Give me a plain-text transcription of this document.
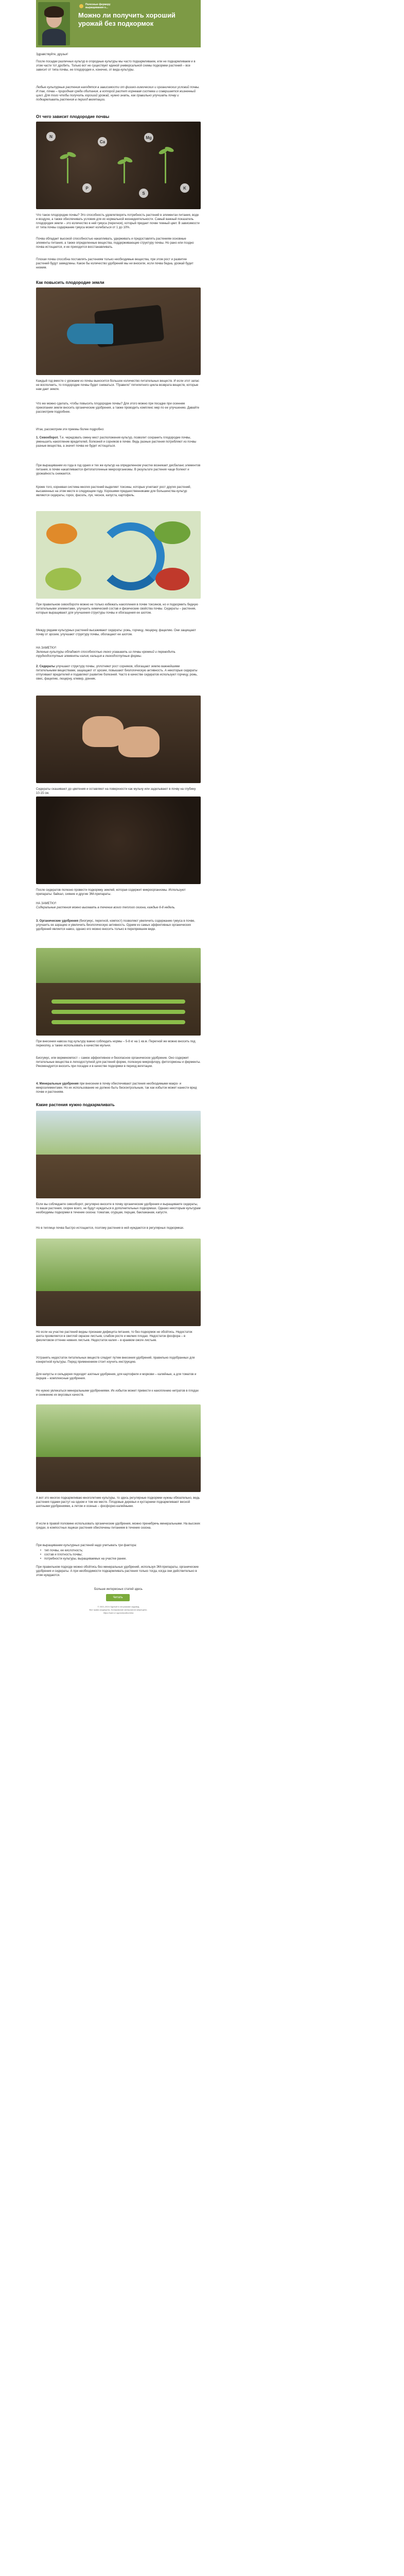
Полезные фермеру
выращивания о...
Можно ли получить хороший урожай без подкормок

Здравствуйте, друзья!

После посадки различных культур в огородные культуры мы часто подкармливаем, или не подкармливаем и в этом части тот дробить. Только вот не существует единой универсальной схемы подкормки растений – все зависит от типа почвы, ее плодородия и, конечно, от вида культуры.

Любые культурные растения находятся в зависимости от физико-химических и органических условий почвы. И так, почва – природная среда обитания, в которой растет корневая система и совершается жизненный цикл. Для того чтобы получить хороший урожай, нужно знать, как правильно улучшать почву и подкармливать растения в период вегетации.

От чего зависит плодородие почвы
N
Ca
Mg
P	K
S

Что такое плодородие почвы? Это способность удовлетворять потребность растений в элементах питания, воде и воздухе, а также обеспечивать условия для их нормальной жизнедеятельности. Самый важный показатель плодородия земли – это количество в ней гумуса (перегноя), который придает почве темный цвет. В зависимости от типа почвы содержание гумуса может колебаться от 1 до 10%.

Почва обладает высокой способностью накапливать, удерживать и предоставлять растениям основные элементы питания, а также определенные вещества, поддерживающие структуру почвы. Но рано или поздно почва истощается, и ее приходится восстанавливать.

Плохая почва способна поставлять растениям только необходимые вещества, при этом рост и развитие растений будут замедлены. Какое бы количество удобрений мы ни вносили, если почва бедна, урожай будет низким.

Как повысить плодородие земли

Каждый год вместе с урожаем из почвы выносится большое количество питательных веществ. И если этот запас не восполнить, то плодородие почвы будет снижаться. "Правило" пятилетнего цикла возврата веществ, которые нам дает земля.

Что же можно сделать, чтобы повысить плодородие почвы? Для этого можно при посадке при осеннем прекопании земли вносить органические удобрения, а также проводить комплекс мер по ее улучшению. Давайте рассмотрим подробнее.

Итак, рассмотрим эти приемы более подробно:

1. Севооборот. Т.е. чередовать смену мест расположения культур, позволит сохранить плодородие почвы, уменьшить накопление вредителей, болезней и сорняков в почве. Ведь разные растения потребляют из почвы разные вещества, а значит почва не будет истощаться.

При выращивании из года в год одних и тех же культур на определенном участке возникает дисбаланс элементов питания, в почве накапливаются фитопатогенные микроорганизмы. В результате растения чаще болеют и урожайность снижается.

Кроме того, корневая система многих растений выделяет токсины, которые угнетают рост других растений, высаженных на этом месте в следующем году. Хорошими предшественниками для большинства культур являются сидераты, горох, фасоль, лук, чеснок, капуста, картофель.

При правильном севообороте можно не только избежать накопления в почве токсинов, но и подкормить бедную питательными элементами, улучшить химический состав и физические свойства почвы. Сидераты – растения, которые выращивают для улучшения структуры почвы и обогащения ее азотом.

Между рядами культурных растений высаживают сидераты: рожь, горчицу, люцерну, фацелию. Они защищают почву от эрозии, улучшают структуру почвы, обогащают ее азотом.

НА ЗАМЕТКУ!

Зеленые культуры обладают способностью легко усваивать из почвы кремний и переводить труднодоступные элементы калия, кальция в легкодоступные формы.

2. Сидераты улучшают структуру почвы, уплотняют рост сорняков, обогащают землю важнейшими питательными веществами, защищают от эрозии, повышают биологическую активность. А некоторые сидераты отпугивают вредителей и подавляют развитие болезней. Часто в качестве сидератов используют горчицу, рожь, овес, фацелию, люцерну, клевер, донник.

Сидераты скашивают до цветения и оставляют на поверхности как мульчу или заделывают в почву на глубину 10-15 см.

После сидератов полезно провести подкормку землей, которая содержит микроорганизмы. Используют препараты: байкал, сияние и другие ЭМ-препараты.

НА ЗАМЕТКУ!

Сидеральные растения можно высевать в течение всего теплого сезона, каждые 6-8 недель.

3. Органические удобрения (биогумус, перегной, компост) позволяют увеличить содержание гумуса в почве, улучшить ее аэрацию и увеличить биологическую активность. Одним из самых эффективных органических удобрений является навоз, однако его можно вносить только в перепревшем виде.

При внесении навоза под культуру важно соблюдать нормы – 5-8 кг на 1 кв.м. Перегной же можно вносить под перекопку, а также использовать в качестве мульчи.

Биогумус, или вермикомпост – самое эффективное и безопасное органическое удобрение. Оно содержит питательные вещества в легкодоступной для растений форме, полезную микрофлору, фитогормоны и ферменты. Рекомендуется вносить при посадке и в качестве подкормки в период вегетации.

4. Минеральные удобрения при внесении в почву обеспечивают растения необходимыми макро- и микроэлементами. Но их использование не должно быть бесконтрольным, так как избыток может нанести вред почве и растениям.

Какие растения нужно подкармливать

Если вы соблюдаете севооборот, регулярно вносите в почву органические удобрения и выращиваете сидераты, то ваши растения, скорее всего, не будут нуждаться в дополнительных подкормках. Однако некоторым культурам необходимы подкормки в течение сезона: томатам, огурцам, перцам, баклажанам, капусте.

Но в теплице почва быстро истощается, поэтому растения в ней нуждаются в регулярных подкормках.

Но если на участке растений видны признаки дефицита питания, то без подкормок не обойтись. Недостаток азота проявляется в светлой окраске листьев, слабом росте и мелких плодах. Недостаток фосфора – в фиолетовом оттенке нижних листьев. Недостаток калия – в краевом ожоге листьев.

Устранять недостаток питательных веществ следует путем внесения удобрений, правильно подобранных для конкретной культуры. Перед применением стоит изучить инструкцию.

Для капусты и сельдерея подходят азотные удобрения, для картофеля и моркови – калийные, а для томатов и перцев – комплексные удобрения.

Не нужно увлекаться минеральными удобрениями. Их избыток может привести к накоплению нитратов в плодах и снижению их вкусовых качеств.

А вот это многое подкармливаю многолетние культуры, то здесь регулярные подкормки нужны обязательно, ведь растения годами растут на одном и том же месте. Плодовые деревья и кустарники подкармливают весной азотными удобрениями, а летом и осенью – фосфорно-калийными.

И если в правой половине использовать органические удобрения, можно пренебречь минеральными. На высоких грядах, в компостных ящиках растения обеспечены питанием в течение сезона.

При выращивании культурных растений надо учитывать три фактора:

• тип почвы, ее кислотность;
• состав и плотность почвы;
• потребности культуры, выращиваемых на участке ранее.

При правильном подходе можно обойтись без минеральных удобрений, используя ЭМ-препараты, органические удобрения и сидераты. А при необходимости подкармливать растения только тогда, когда они действительно в этом нуждаются.

Больше интересных статей здесь
Читать
© 2021-2024 Одетый в энтузиазме садовод
Все права защищены. Копирование материалов запрещено.
https://sad.ru/ ogorod/podkormka
